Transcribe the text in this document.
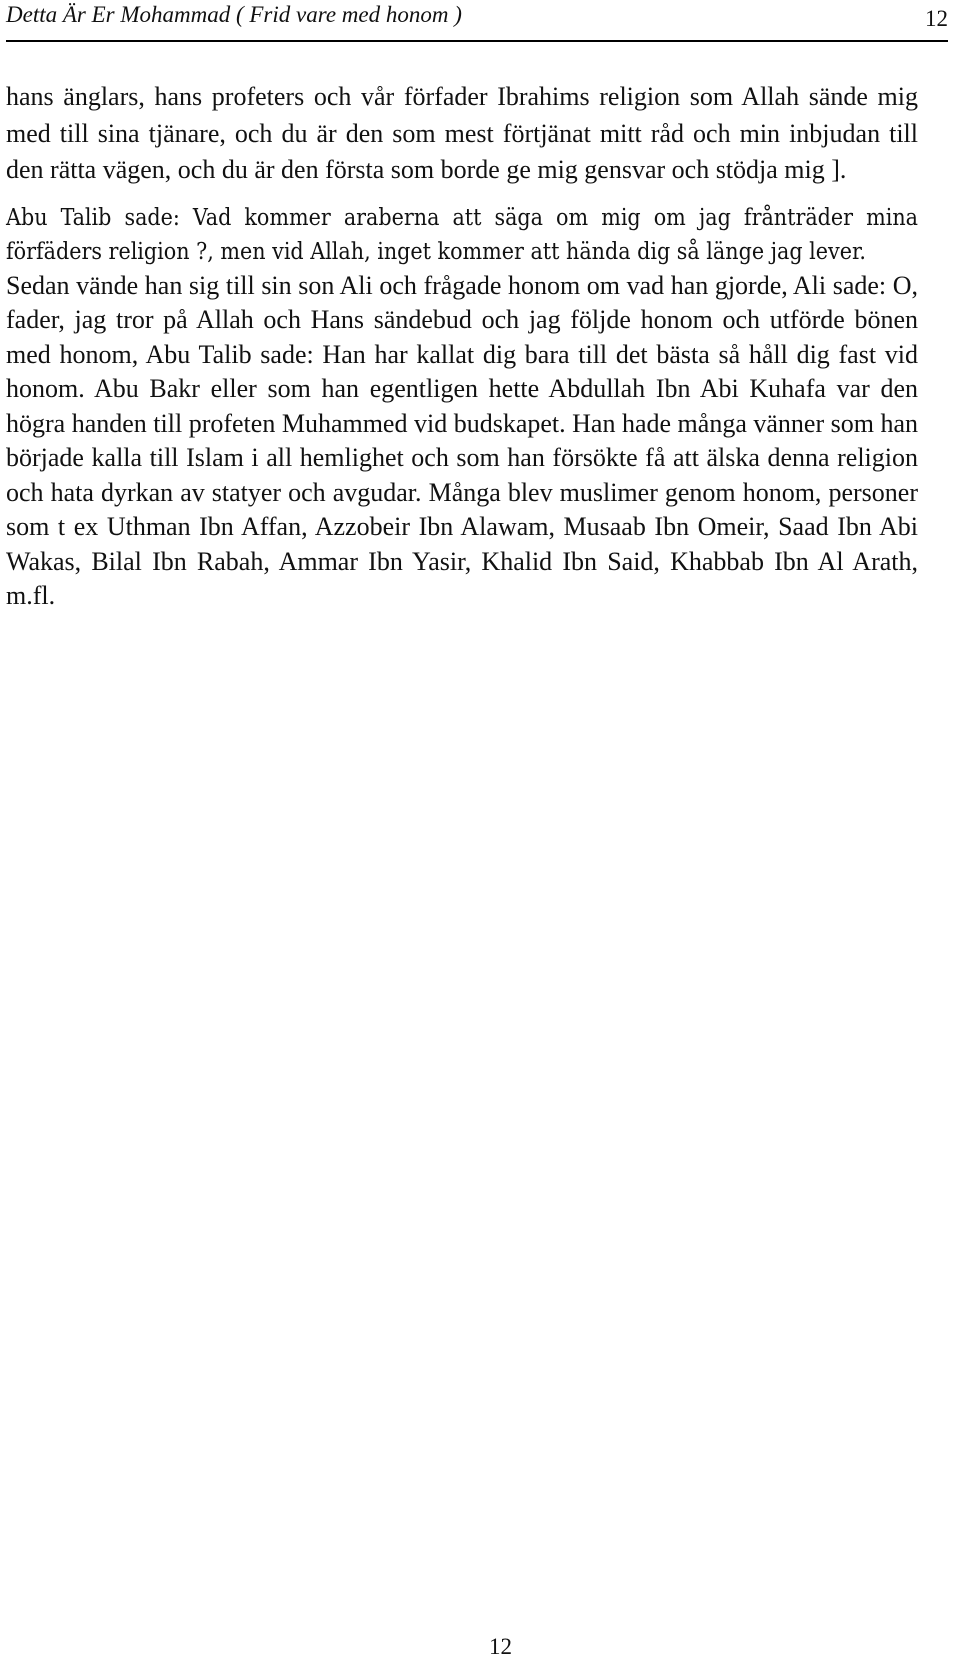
Detta Är Er Mohammad ( Frid vare med honom )	12

hans änglars, hans profeters och vår förfader Ibrahims religion som Allah sände mig med till sina tjänare, och du är den som mest förtjänat mitt råd och min inbjudan till den rätta vägen, och du är den första som borde ge mig gensvar och stödja mig ].

Abu Talib sade: Vad kommer araberna att säga om mig om jag frånträder mina förfäders religion ?, men vid Allah, inget kommer att hända dig så länge jag lever.

Sedan vände han sig till sin son Ali och frågade honom om vad han gjorde, Ali sade: O, fader, jag tror på Allah och Hans sändebud och jag följde honom och utförde bönen med honom, Abu Talib sade: Han har kallat dig bara till det bästa så håll dig fast vid honom. Abu Bakr eller som han egentligen hette Abdullah Ibn Abi Kuhafa var den högra handen till profeten Muhammed vid budskapet. Han hade många vänner som han började kalla till Islam i all hemlighet och som han försökte få att älska denna religion och hata dyrkan av statyer och avgudar. Många blev muslimer genom honom, personer som t ex Uthman Ibn Affan, Azzobeir Ibn Alawam, Musaab Ibn Omeir, Saad Ibn Abi Wakas, Bilal Ibn Rabah, Ammar Ibn Yasir, Khalid Ibn Said, Khabbab Ibn Al Arath, m.fl.

12
